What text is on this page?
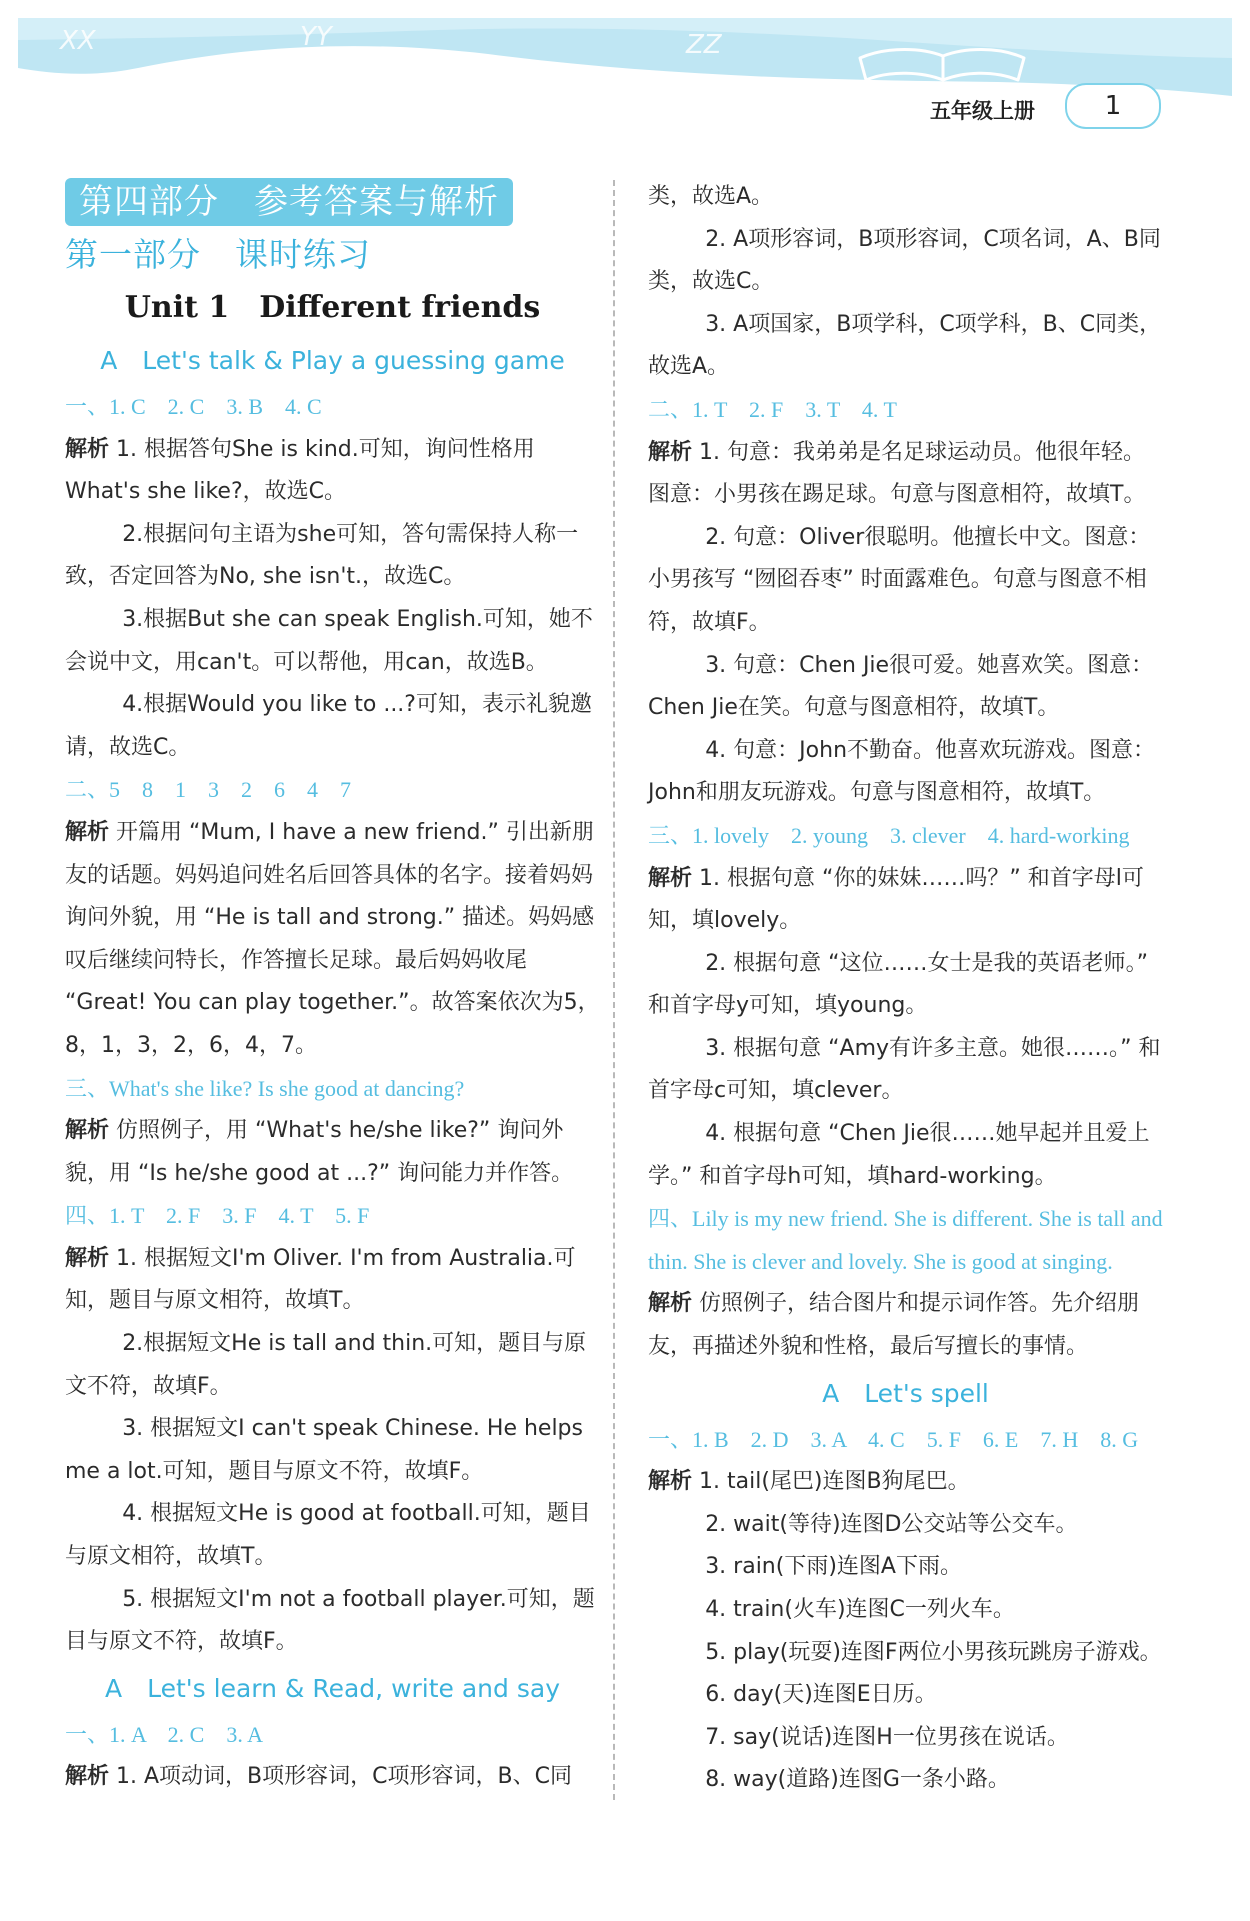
XX	YY	ZZ
五年级上册	1
第四部分　参考答案与解析
第一部分　课时练习
Unit 1　Different friends
A　Let's talk & Play a guessing game

一、1. C　2. C　3. B　4. C

解析 1. 根据答句She is kind.可知，询问性格用What's she like?，故选C。

2.根据问句主语为she可知，答句需保持人称一致，否定回答为No, she isn't.，故选C。

3.根据But she can speak English.可知，她不会说中文，用can't。可以帮他，用can，故选B。

4.根据Would you like to ...?可知，表示礼貌邀请，故选C。

二、5　8　1　3　2　6　4　7

解析 开篇用 “Mum, I have a new friend.” 引出新朋友的话题。妈妈追问姓名后回答具体的名字。接着妈妈询问外貌，用 “He is tall and strong.” 描述。妈妈感叹后继续问特长，作答擅长足球。最后妈妈收尾 “Great! You can play together.”。故答案依次为5，8，1，3，2，6，4，7。

三、What's she like? Is she good at dancing?

解析 仿照例子，用 “What's he/she like?” 询问外貌，用 “Is he/she good at ...?” 询问能力并作答。

四、1. T　2. F　3. F　4. T　5. F

解析 1. 根据短文I'm Oliver. I'm from Australia.可知，题目与原文相符，故填T。

2.根据短文He is tall and thin.可知，题目与原文不符，故填F。

3. 根据短文I can't speak Chinese. He helps me a lot.可知，题目与原文不符，故填F。

4. 根据短文He is good at football.可知，题目与原文相符，故填T。

5. 根据短文I'm not a football player.可知，题目与原文不符，故填F。

A　Let's learn & Read, write and say

一、1. A　2. C　3. A

解析 1. A项动词，B项形容词，C项形容词，B、C同

类，故选A。

2. A项形容词，B项形容词，C项名词，A、B同类，故选C。

3. A项国家，B项学科，C项学科，B、C同类，故选A。

二、1. T　2. F　3. T　4. T

解析 1. 句意：我弟弟是名足球运动员。他很年轻。图意：小男孩在踢足球。句意与图意相符，故填T。

2. 句意：Oliver很聪明。他擅长中文。图意：小男孩写 “囫囵吞枣” 时面露难色。句意与图意不相符，故填F。

3. 句意：Chen Jie很可爱。她喜欢笑。图意：Chen Jie在笑。句意与图意相符，故填T。

4. 句意：John不勤奋。他喜欢玩游戏。图意：John和朋友玩游戏。句意与图意相符，故填T。

三、1. lovely　2. young　3. clever　4. hard-working

解析 1. 根据句意 “你的妹妹……吗？” 和首字母l可知，填lovely。

2. 根据句意 “这位……女士是我的英语老师。” 和首字母y可知，填young。

3. 根据句意 “Amy有许多主意。她很……。” 和首字母c可知，填clever。

4. 根据句意 “Chen Jie很……她早起并且爱上学。” 和首字母h可知，填hard-working。

四、Lily is my new friend. She is different. She is tall and thin. She is clever and lovely. She is good at singing.

解析 仿照例子，结合图片和提示词作答。先介绍朋友，再描述外貌和性格，最后写擅长的事情。

A　Let's spell

一、1. B　2. D　3. A　4. C　5. F　6. E　7. H　8. G

解析 1. tail(尾巴)连图B狗尾巴。

2. wait(等待)连图D公交站等公交车。

3. rain(下雨)连图A下雨。

4. train(火车)连图C一列火车。

5. play(玩耍)连图F两位小男孩玩跳房子游戏。

6. day(天)连图E日历。

7. say(说话)连图H一位男孩在说话。

8. way(道路)连图G一条小路。
